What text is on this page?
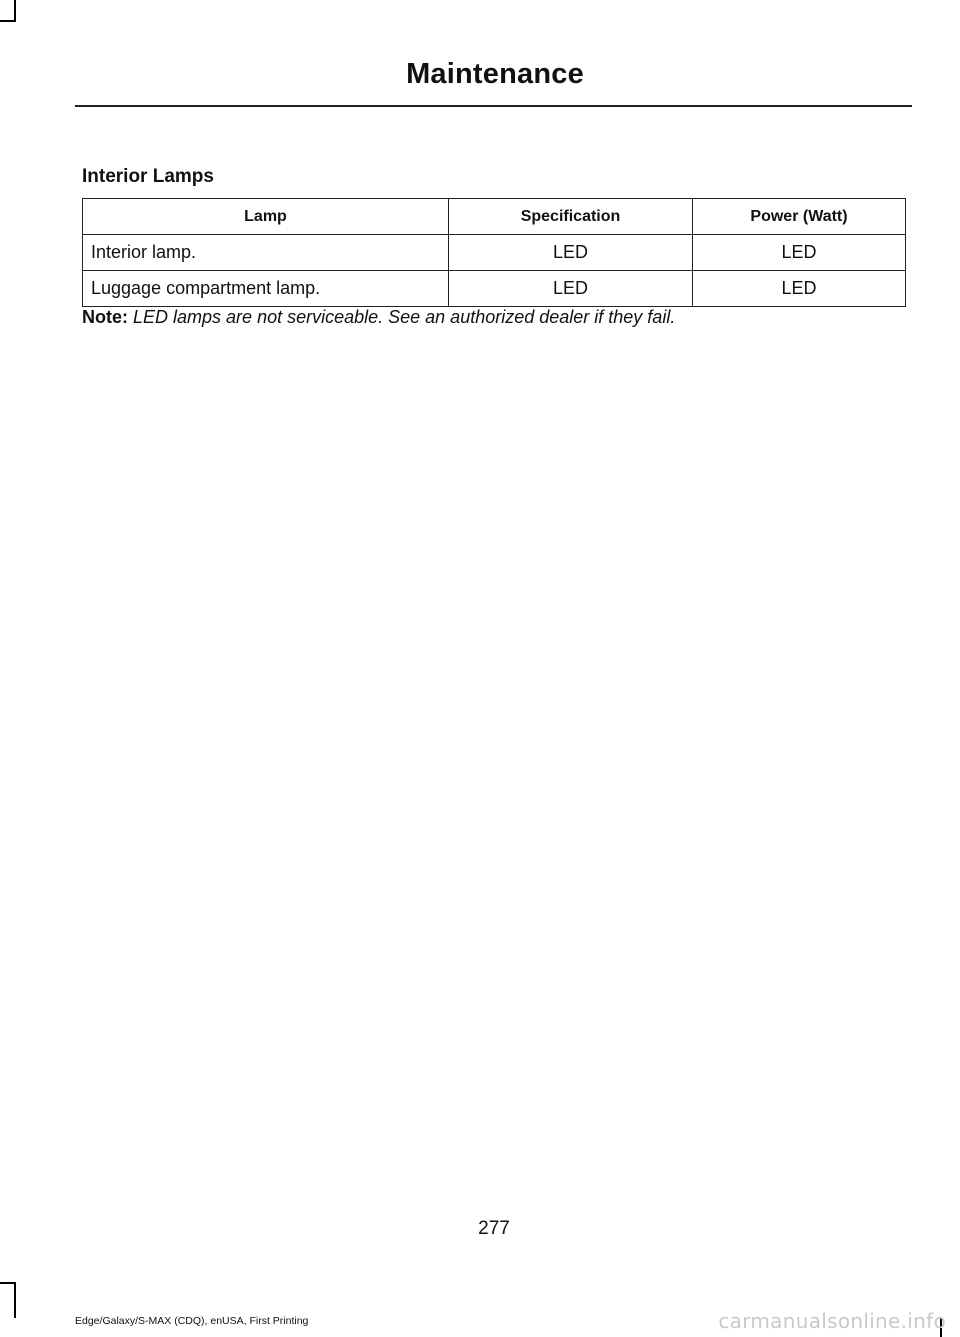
Maintenance
Interior Lamps
Lamp	Specification	Power (Watt)
Interior lamp.	LED	LED
Luggage compartment lamp.	LED	LED
Note: LED lamps are not serviceable. See an authorized dealer if they fail.
277
Edge/Galaxy/S-MAX (CDQ), enUSA, First Printing	carmanualsonline.info
